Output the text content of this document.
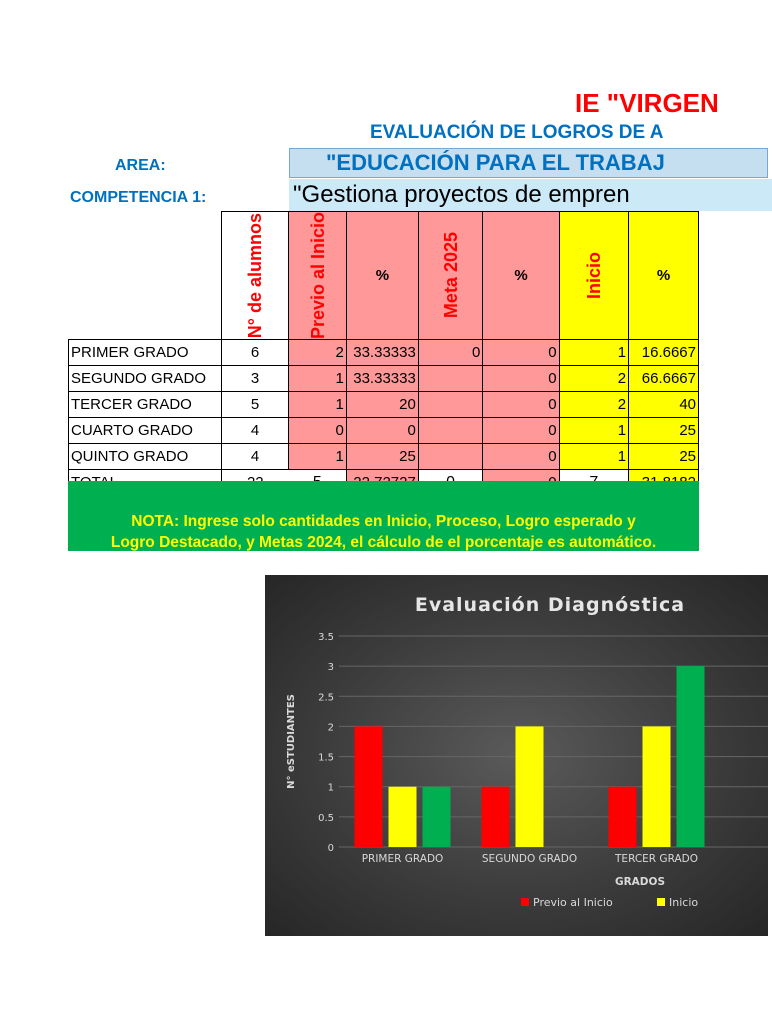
IE "VIRGEN
EVALUACIÓN DE LOGROS DE A
AREA:
COMPETENCIA 1:

	N° de alumnos	Previo al Inicio	%	Meta 2025	%	Inicio	%
PRIMER GRADO	6	2	33.33333	0	0	1	16.6667
SEGUNDO GRADO	3	1	33.33333		0	2	66.6667
TERCER GRADO	5	1	20		0	2	40
CUARTO GRADO	4	0	0		0	1	25
QUINTO GRADO	4	1	25		0	1	25

NOTA: Ingrese solo cantidades en Inicio, Proceso, Logro esperado y
Logro Destacado, y Metas 2024, el cálculo de el porcentaje es automático.
"EDUCACIÓN PARA EL TRABAJ
"Gestiona proyectos de empren
Evaluación Diagnóstica
0
0.5
1
1.5
2
2.5
3
3.5
N° eSTUDIANTES
PRIMER GRADO	SEGUNDO GRADO	TERCER GRADO
GRADOS
Previo al Inicio	Inicio
